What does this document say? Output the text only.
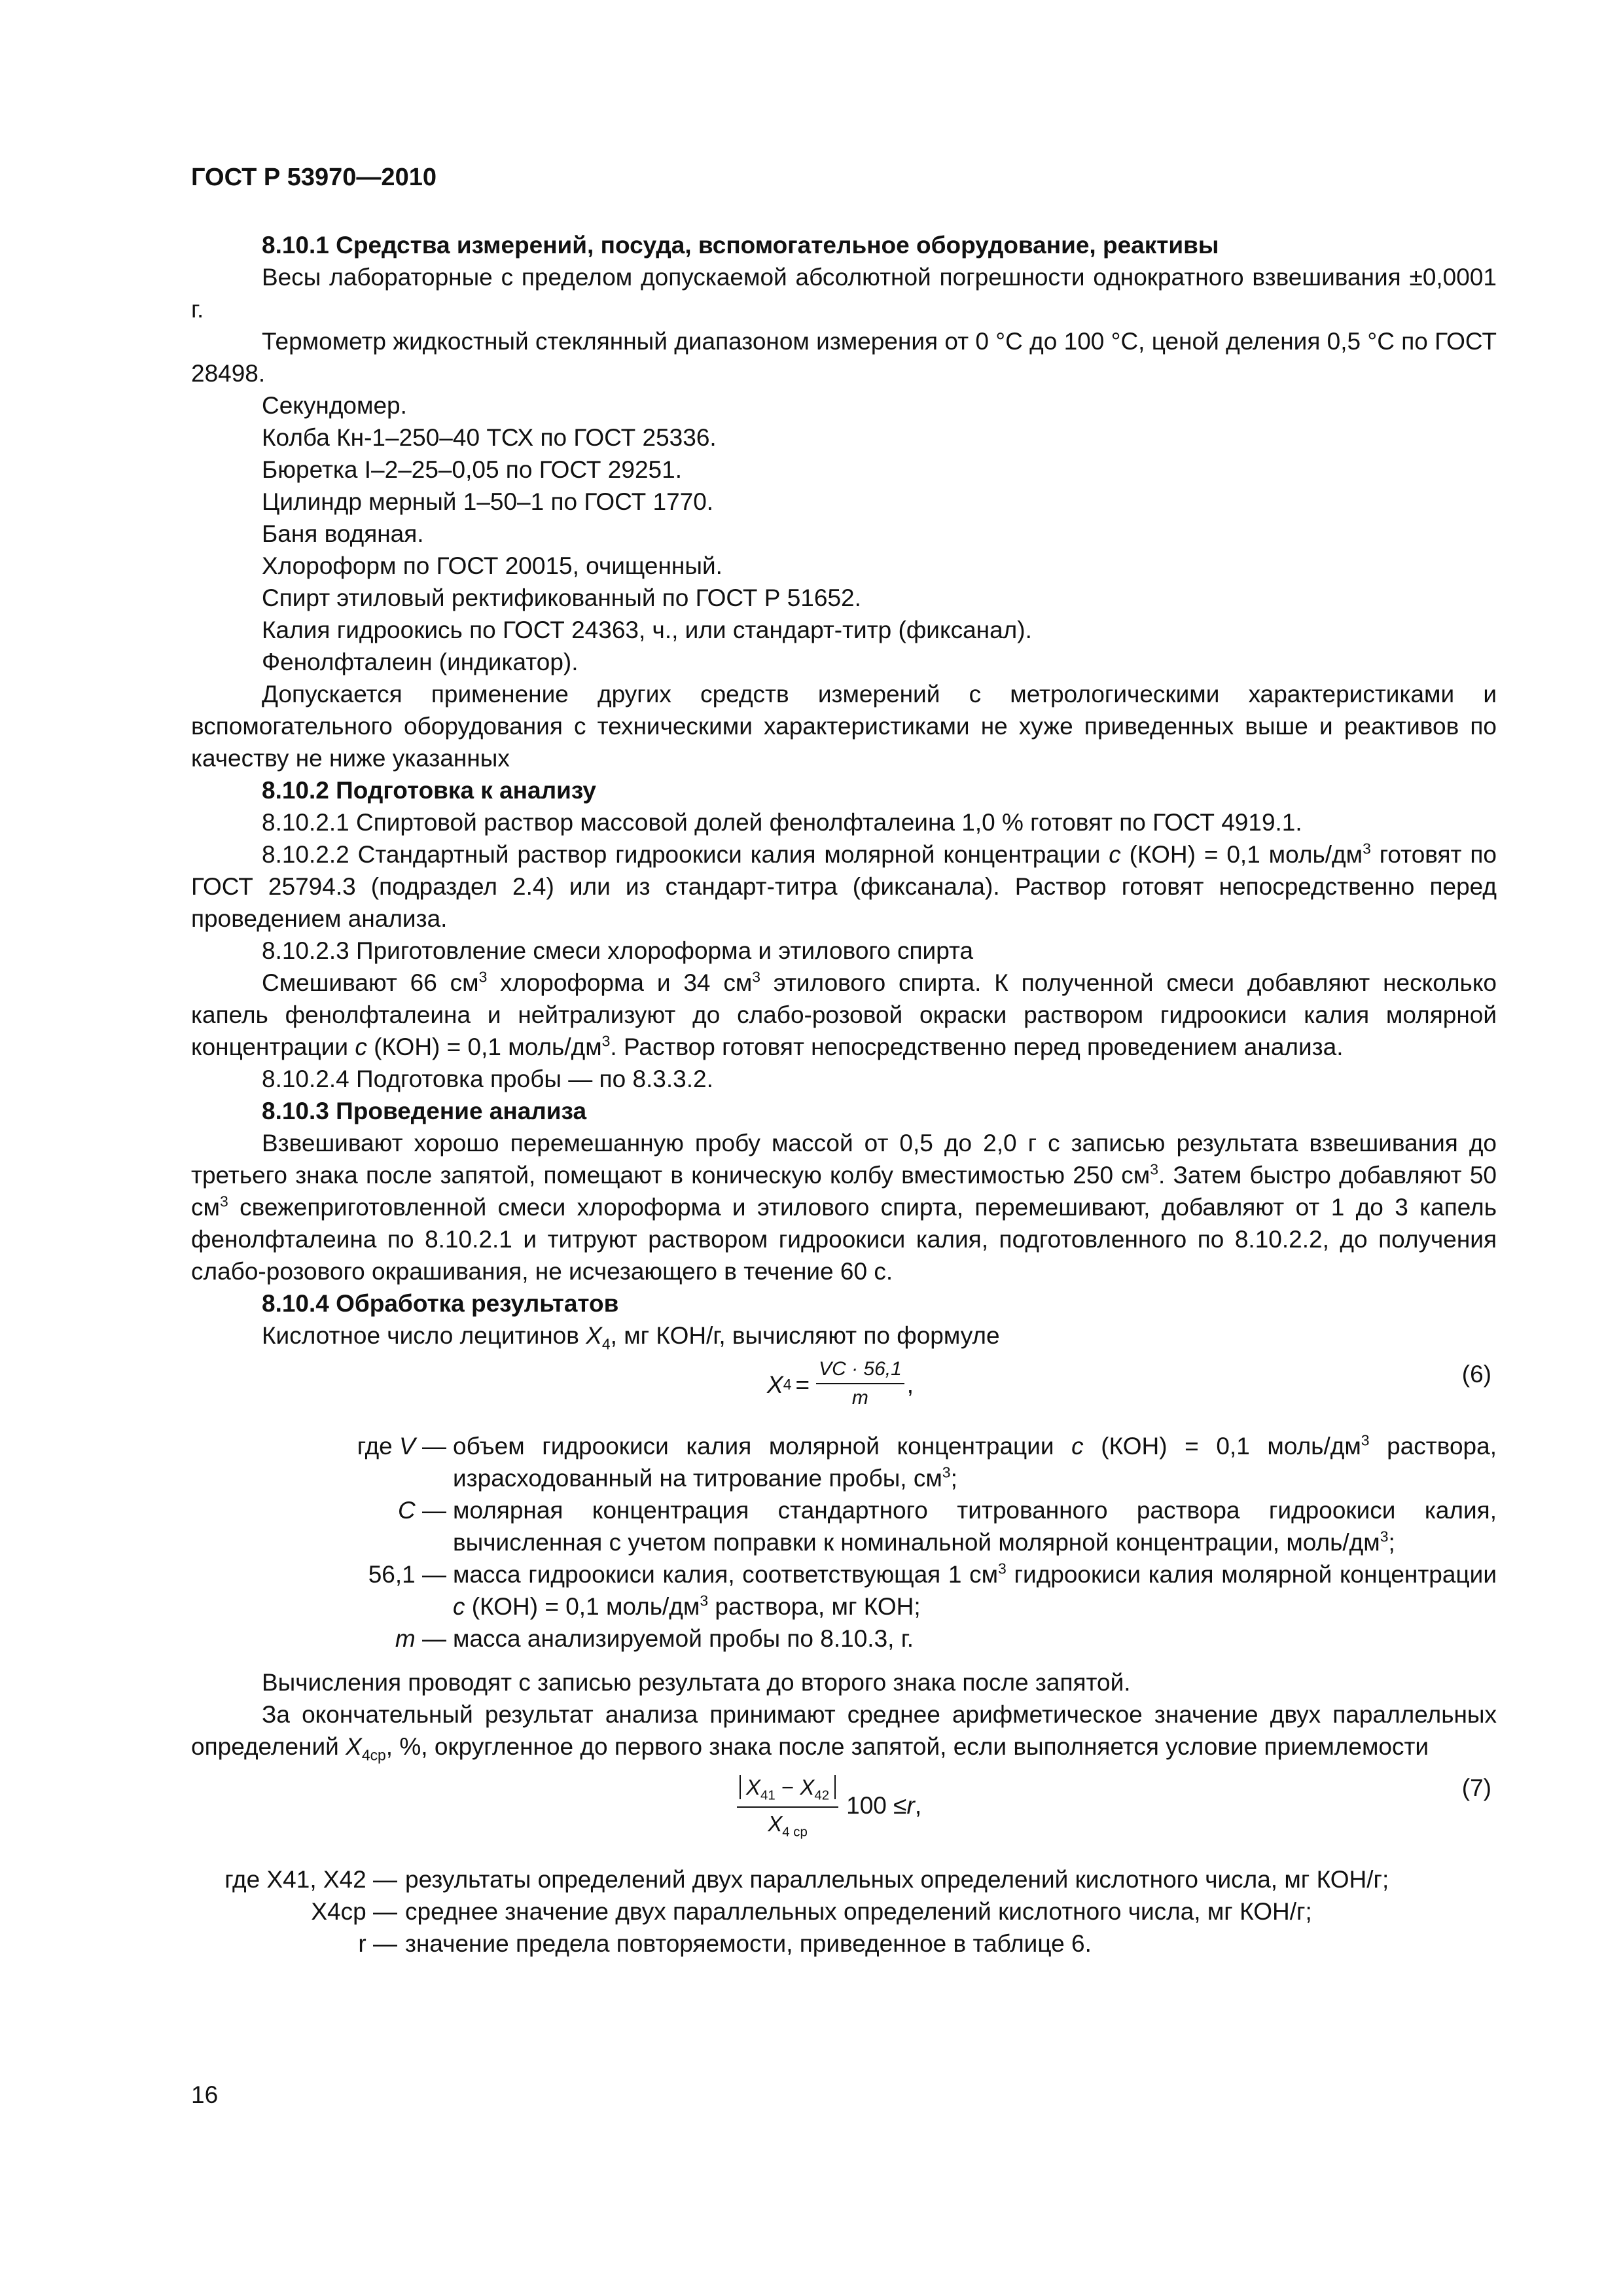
ГОСТ Р 53970—2010

8.10.1 Средства измерений, посуда, вспомогательное оборудование, реактивы

Весы лабораторные с пределом допускаемой абсолютной погрешности однократного взвешивания ±0,0001 г.

Термометр жидкостный стеклянный диапазоном измерения от 0 °С до 100 °С, ценой деления 0,5 °С по ГОСТ 28498.

Секундомер.

Колба Кн-1–250–40 ТСХ по ГОСТ 25336.

Бюретка I–2–25–0,05 по ГОСТ 29251.

Цилиндр мерный 1–50–1 по ГОСТ 1770.

Баня водяная.

Хлороформ по ГОСТ 20015, очищенный.

Спирт этиловый ректификованный по ГОСТ Р 51652.

Калия гидроокись по ГОСТ 24363, ч., или стандарт-титр (фиксанал).

Фенолфталеин (индикатор).

Допускается применение других средств измерений с метрологическими характеристиками и вспомогательного оборудования с техническими характеристиками не хуже приведенных выше и реактивов по качеству не ниже указанных

8.10.2 Подготовка к анализу

8.10.2.1 Спиртовой раствор массовой долей фенолфталеина 1,0 % готовят по ГОСТ 4919.1.

8.10.2.2 Стандартный раствор гидроокиси калия молярной концентрации с (КОН) = 0,1 моль/$дм^3$ готовят по ГОСТ 25794.3 (подраздел 2.4) или из стандарт-титра (фиксанала). Раствор готовят непосредственно перед проведением анализа.

8.10.2.3 Приготовление смеси хлороформа и этилового спирта

Смешивают 66 $см^3$ хлороформа и 34 $см^3$ этилового спирта. К полученной смеси добавляют несколько капель фенолфталеина и нейтрализуют до слабо-розовой окраски раствором гидроокиси калия молярной концентрации с (КОН) = 0,1 моль/$дм^3$. Раствор готовят непосредственно перед проведением анализа.

8.10.2.4 Подготовка пробы — по 8.3.3.2.

8.10.3 Проведение анализа

Взвешивают хорошо перемешанную пробу массой от 0,5 до 2,0 г с записью результата взвешивания до третьего знака после запятой, помещают в коническую колбу вместимостью 250 $см^3$. Затем быстро добавляют 50 $см^3$ свежеприготовленной смеси хлороформа и этилового спирта, перемешивают, добавляют от 1 до 3 капель фенолфталеина по 8.10.2.1 и титруют раствором гидроокиси калия, подготовленного по 8.10.2.2, до получения слабо-розового окрашивания, не исчезающего в течение 60 с.

8.10.4 Обработка результатов

Кислотное число лецитинов $X_4$, мг КОН/г, вычисляют по формуле

X $4 = \frac{VC \cdot 56,1}{m}$ ,	(6)
где V — объем гидроокиси калия молярной концентрации с (КОН) = 0,1 моль/$дм^3$ раствора, израсходованный на титрование пробы, $см^3$;
С — молярная концентрация стандартного титрованного раствора гидроокиси калия, вычисленная с учетом поправки к номинальной молярной концентрации, моль/$дм^3$;
56,1 — масса гидроокиси калия, соответствующая 1 $см^3$ гидроокиси калия молярной концентрации с (КОН) = 0,1 моль/$дм^3$ раствора, мг КОН;
m — масса анализируемой пробы по 8.10.3, г.

Вычисления проводят с записью результата до второго знака после запятой.

За окончательный результат анализа принимают среднее арифметическое значение двух параллельных определений $X_{4ср}$, %, округленное до первого знака после запятой, если выполняется условие приемлемости

$\frac{X_{41} - X_{42}}{X_{4 ср}} 100 \le r$ ,
(7)
где X41, X42 — результаты определений двух параллельных определений кислотного числа, мг КОН/г;
X4ср — среднее значение двух параллельных определений кислотного числа, мг КОН/г;
r — значение предела повторяемости, приведенное в таблице 6.
16
